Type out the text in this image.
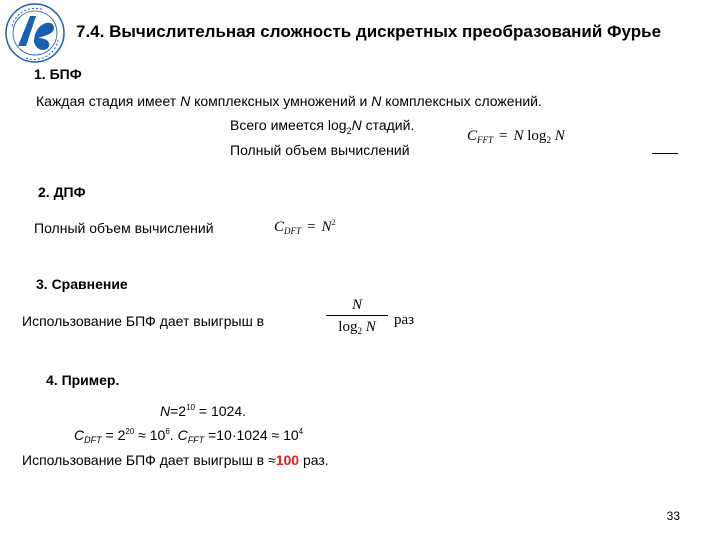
7.4. Вычислительная сложность дискретных преобразований Фурье
1. БПФ
Каждая стадия имеет N комплексных умножений и N комплексных сложений.
Всего имеется $\log_2N$ стадий.
Полный объем вычислений
$C_{FFT} = N$ $\log_2 N$
2. ДПФ
Полный объем вычислений	$C_{DFT} = N^2$
3. Сравнение
Использование БПФ дает выигрыш в
N
$\log_2 N$	раз
4. Пример.
$N=2^{10} = 1024$.
$C_{DFT} = 2^{20} \approx 10^6$. $C_{FFT} =10\cdot 1024 \approx 10^4$
Использование БПФ дает выигрыш в ≈100 раз.
33
